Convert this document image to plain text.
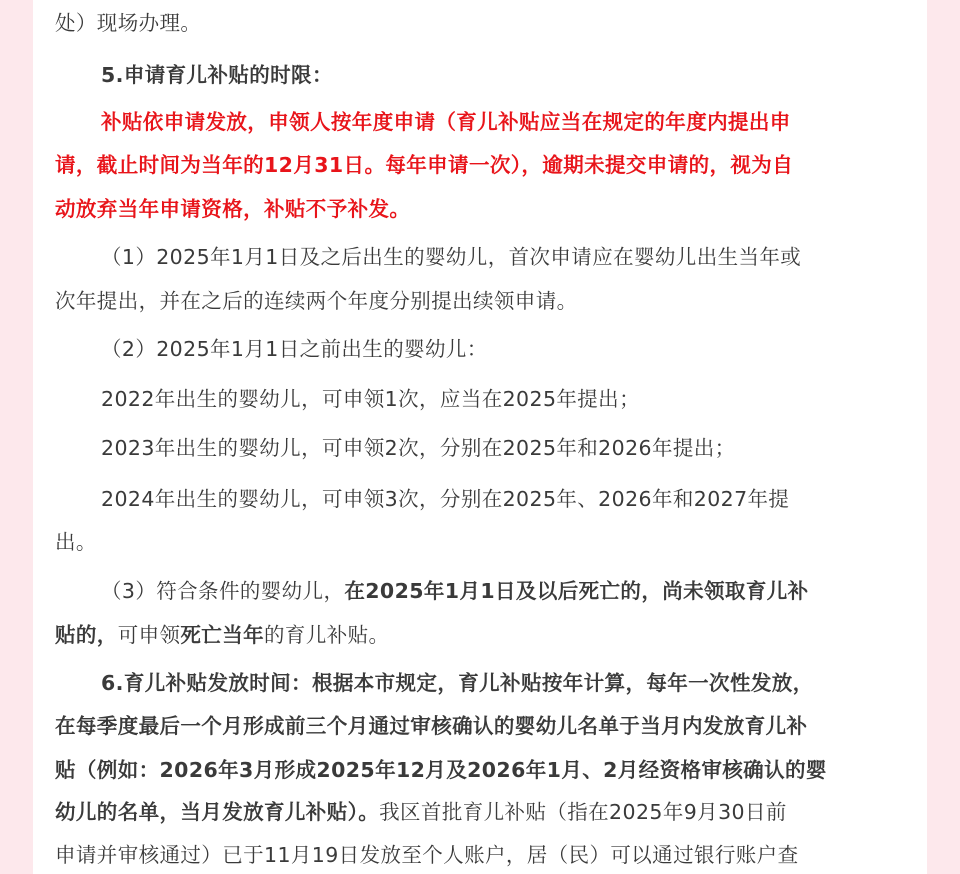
处）现场办理。
5.申请育儿补贴的时限：
补贴依申请发放，申领人按年度申请（育儿补贴应当在规定的年度内提出申
请，截止时间为当年的12月31日。每年申请一次），逾期未提交申请的，视为自
动放弃当年申请资格，补贴不予补发。
（1）2025年1月1日及之后出生的婴幼儿，首次申请应在婴幼儿出生当年或
次年提出，并在之后的连续两个年度分别提出续领申请。
（2）2025年1月1日之前出生的婴幼儿：
2022年出生的婴幼儿，可申领1次，应当在2025年提出；
2023年出生的婴幼儿，可申领2次，分别在2025年和2026年提出；
2024年出生的婴幼儿，可申领3次，分别在2025年、2026年和2027年提
出。
（3）符合条件的婴幼儿，在2025年1月1日及以后死亡的，尚未领取育儿补
贴的，可申领死亡当年的育儿补贴。
6.育儿补贴发放时间：根据本市规定，育儿补贴按年计算，每年一次性发放，
在每季度最后一个月形成前三个月通过审核确认的婴幼儿名单于当月内发放育儿补
贴（例如：2026年3月形成2025年12月及2026年1月、2月经资格审核确认的婴
幼儿的名单，当月发放育儿补贴）。我区首批育儿补贴（指在2025年9月30日前
申请并审核通过）已于11月19日发放至个人账户，居（民）可以通过银行账户查
